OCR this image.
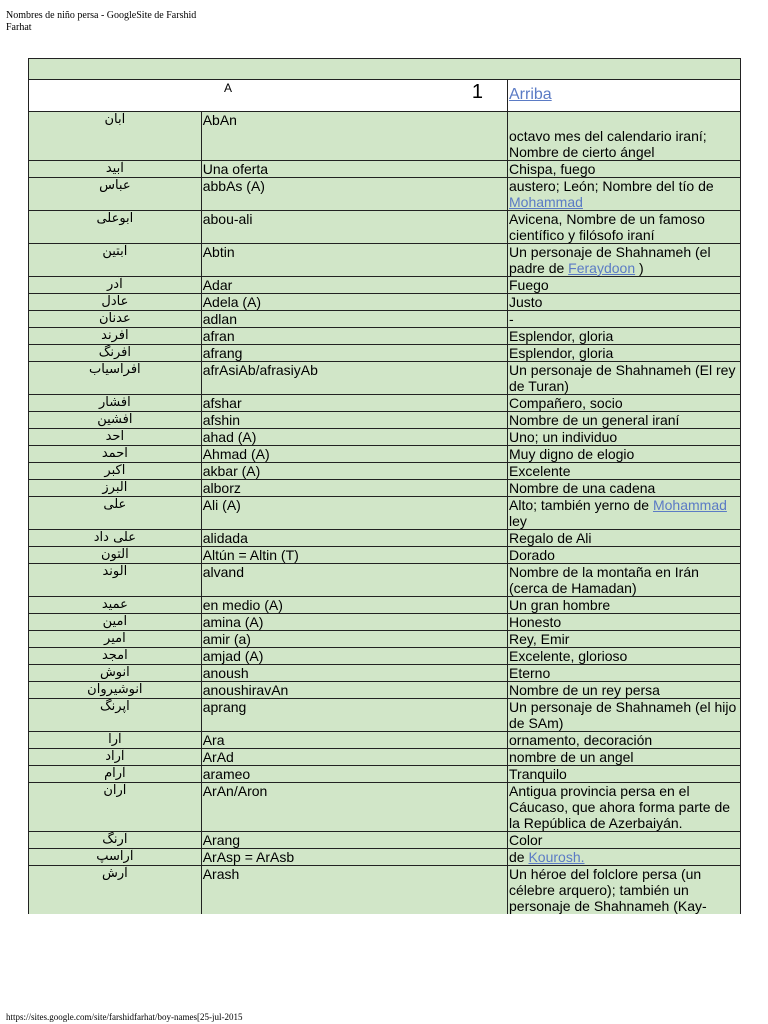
Nombres de niño persa - GoogleSite de Farshid Farhat

A 1		Arriba
آبان	AbAn	octavo mes del calendario iraní; Nombre de cierto ángel
آبید	Una oferta	Chispa, fuego
عباس	abbAs (A)	austero; León; Nombre del tío de Mohammad
ابوعلی	abou-ali	Avicena, Nombre de un famoso científico y filósofo iraní
آبتین	Abtin	Un personaje de Shahnameh (el padre de Feraydoon )
آدر	Adar	Fuego
عادل	Adela (A)	Justo
عدنان	adlan	-
افرند	afran	Esplendor, gloria
افرنگ	afrang	Esplendor, gloria
افراسیاب	afrAsiAb/afrasiyAb	Un personaje de Shahnameh (El rey de Turan)
افشار	afshar	Compañero, socio
افشین	afshin	Nombre de un general iraní
احد	ahad (A)	Uno; un individuo
احمد	Ahmad (A)	Muy digno de elogio
اکبر	akbar (A)	Excelente
البرز	alborz	Nombre de una cadena
علی	Ali (A)	Alto; también yerno de Mohammad ley
علی داد	alidada	Regalo de Ali
آلتون	Altún = Altin (T)	Dorado
الوند	alvand	Nombre de la montaña en Irán (cerca de Hamadan)
عمید	en medio (A)	Un gran hombre
امین	amina (A)	Honesto
امیر	amir (a)	Rey, Emir
امجد	amjad (A)	Excelente, glorioso
انوش	anoush	Eterno
انوشیروان	anoushiravAn	Nombre de un rey persa
اپرنگ	aprang	Un personaje de Shahnameh (el hijo de SAm)
آرا	Ara	ornamento, decoración
آراد	ArAd	nombre de un angel
آرام	arameo	Tranquilo
آران	ArAn/Aron	Antigua provincia persa en el Cáucaso, que ahora forma parte de la República de Azerbaiyán.
آرنگ	Arang	Color
آراسپ	ArAsp = ArAsb	de Kourosh.
آرش	Arash	Un héroe del folclore persa (un célebre arquero); también un personaje de Shahnameh (Kay-
https://sites.google.com/site/farshidfarhat/boy-names[25-jul-2015
